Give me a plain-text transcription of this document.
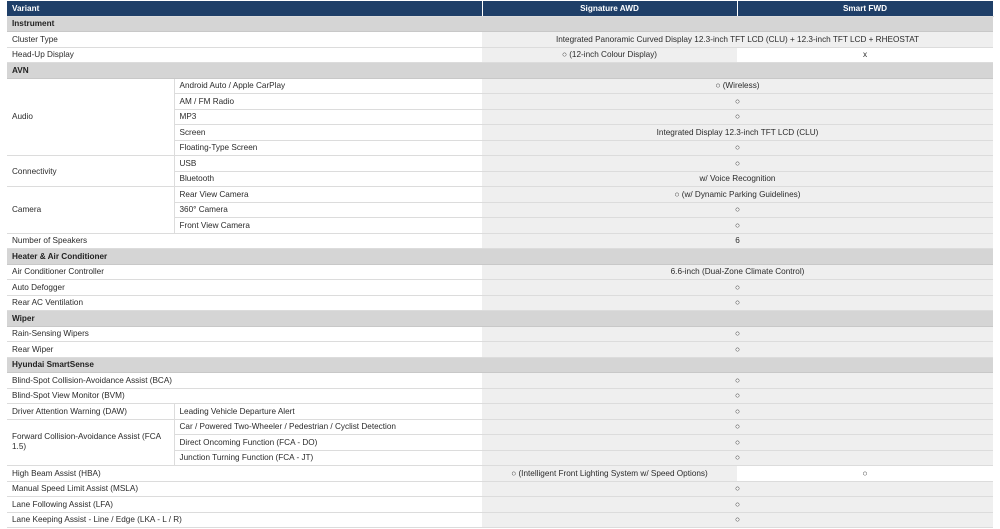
Variant		Signature AWD	Smart FWD
Instrument			
Cluster Type		Integrated Panoramic Curved Display 12.3-inch TFT LCD (CLU) + 12.3-inch TFT LCD + RHEOSTAT	
Head-Up Display		○ (12-inch Colour Display)	x
AVN			
Audio	Android Auto / Apple CarPlay	○ (Wireless)	
	AM / FM Radio	○	
	MP3	○	
	Screen	Integrated Display 12.3-inch TFT LCD (CLU)	
	Floating-Type Screen	○	
Connectivity	USB	○	
	Bluetooth	w/ Voice Recognition	
Camera	Rear View Camera	○ (w/ Dynamic Parking Guidelines)	
	360° Camera	○	
	Front View Camera	○	
Number of Speakers		6	
Heater & Air Conditioner			
Air Conditioner Controller		6.6-inch (Dual-Zone Climate Control)	
Auto Defogger		○	
Rear AC Ventilation		○	
Wiper			
Rain-Sensing Wipers		○	
Rear Wiper		○	
Hyundai SmartSense			
Blind-Spot Collision-Avoidance Assist (BCA)		○	
Blind-Spot View Monitor (BVM)		○	
Driver Attention Warning (DAW)	Leading Vehicle Departure Alert	○	
Forward Collision-Avoidance Assist (FCA 1.5)	Car / Powered Two-Wheeler / Pedestrian / Cyclist Detection	○	
	Direct Oncoming Function (FCA - DO)	○	
	Junction Turning Function (FCA - JT)	○	
High Beam Assist (HBA)		○ (Intelligent Front Lighting System w/ Speed Options)	○
Manual Speed Limit Assist (MSLA)		○	
Lane Following Assist (LFA)		○	
Lane Keeping Assist - Line / Edge (LKA - L / R)		○	
